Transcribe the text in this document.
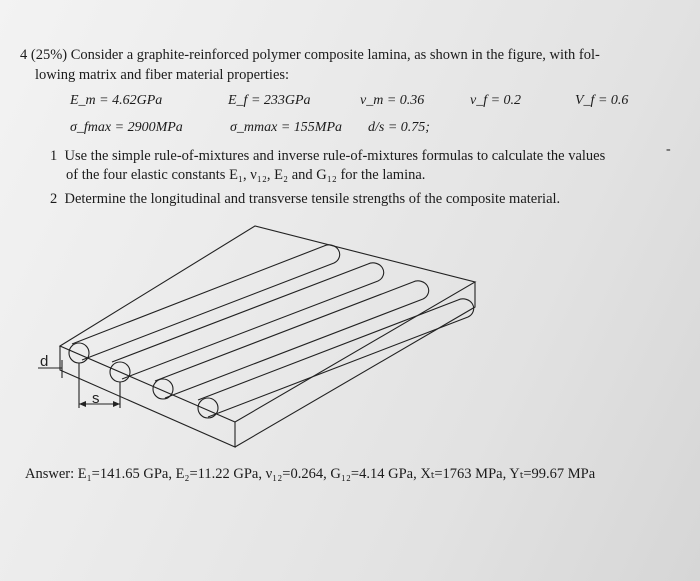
4 (25%) Consider a graphite-reinforced polymer composite lamina, as shown in the figure, with fol-
lowing matrix and fiber material properties:
E_m = 4.62GPa	E_f = 233GPa	ν_m = 0.36	ν_f = 0.2	V_f = 0.6
σ_fmax = 2900MPa	σ_mmax = 155MPa d/s = 0.75;
1 Use the simple rule-of-mixtures and inverse rule-of-mixtures formulas to calculate the values
of the four elastic constants E₁, ν₁₂, E₂ and G₁₂ for the lamina.
2 Determine the longitudinal and transverse tensile strengths of the composite material.
-
d
s
Answer: E₁=141.65 GPa, E₂=11.22 GPa, ν₁₂=0.264, G₁₂=4.14 GPa, Xₜ=1763 MPa, Yₜ=99.67 MPa
